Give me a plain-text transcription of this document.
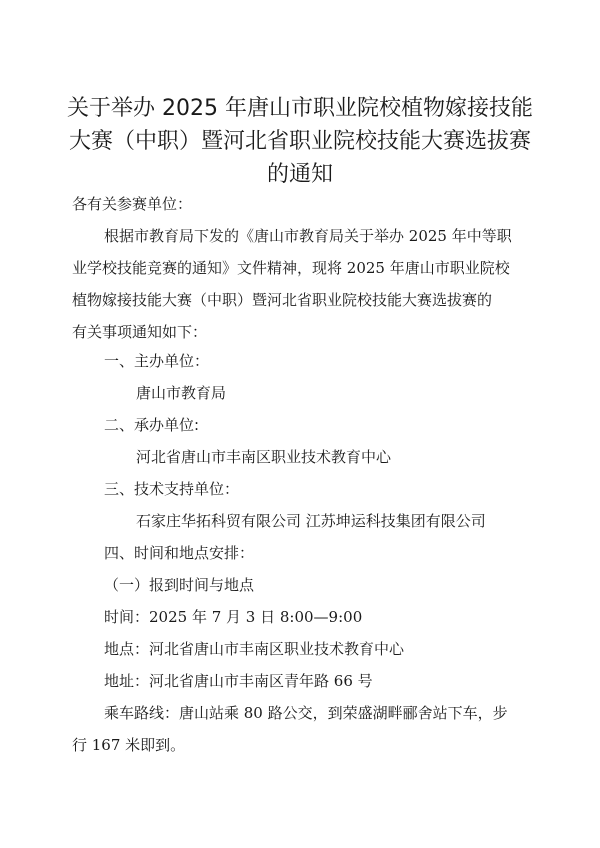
关于举办 2025 年唐山市职业院校植物嫁接技能
大赛（中职）暨河北省职业院校技能大赛选拔赛
的通知

各有关参赛单位：

根据市教育局下发的《唐山市教育局关于举办 2025 年中等职
业学校技能竞赛的通知》文件精神，现将 2025 年唐山市职业院校
植物嫁接技能大赛（中职）暨河北省职业院校技能大赛选拔赛的
有关事项通知如下：

一、主办单位：

唐山市教育局

二、承办单位:

河北省唐山市丰南区职业技术教育中心

三、技术支持单位：

石家庄华拓科贸有限公司 江苏坤运科技集团有限公司

四、时间和地点安排：

（一）报到时间与地点

时间：2025 年 7 月 3 日 8:00—9:00

地点：河北省唐山市丰南区职业技术教育中心

地址：河北省唐山市丰南区青年路 66 号

乘车路线：唐山站乘 80 路公交，到荣盛湖畔郦舍站下车，步

行 167 米即到。
